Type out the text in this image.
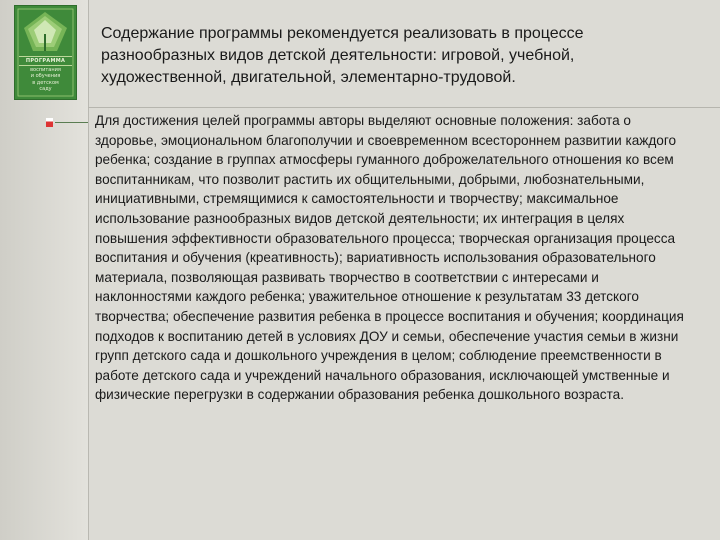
ПРОГРАММА
воспитания
и обучения
в детском
саду

Содержание программы рекомендуется реализовать в процессе разнообразных видов детской деятельности: игровой, учебной, художественной, двигательной, элементарно-трудовой.

Для достижения целей программы авторы выделяют основные положения: забота о здоровье, эмоциональном благополучии и своевременном всестороннем развитии каждого ребенка; создание в группах атмосферы гуманного доброжелательного отношения ко всем воспитанникам, что позволит растить их общительными, добрыми, любознательными, инициативными, стремящимися к самостоятельности и творчеству; максимальное использование разнообразных видов детской деятельности; их интеграция в целях повышения эффективности образовательного процесса; творческая организация процесса воспитания и обучения (креативность); вариативность использования образовательного материала, позволяющая развивать творчество в соответствии с интересами и наклонностями каждого ребенка; уважительное отношение к результатам 33 детского творчества; обеспечение развития ребенка в процессе воспитания и обучения; координация подходов к воспитанию детей в условиях ДОУ и семьи, обеспечение участия семьи в жизни групп детского сада и дошкольного учреждения в целом; соблюдение преемственности в работе детского сада и учреждений начального образования, исключающей умственные и физические перегрузки в содержании образования ребенка дошкольного возраста.
